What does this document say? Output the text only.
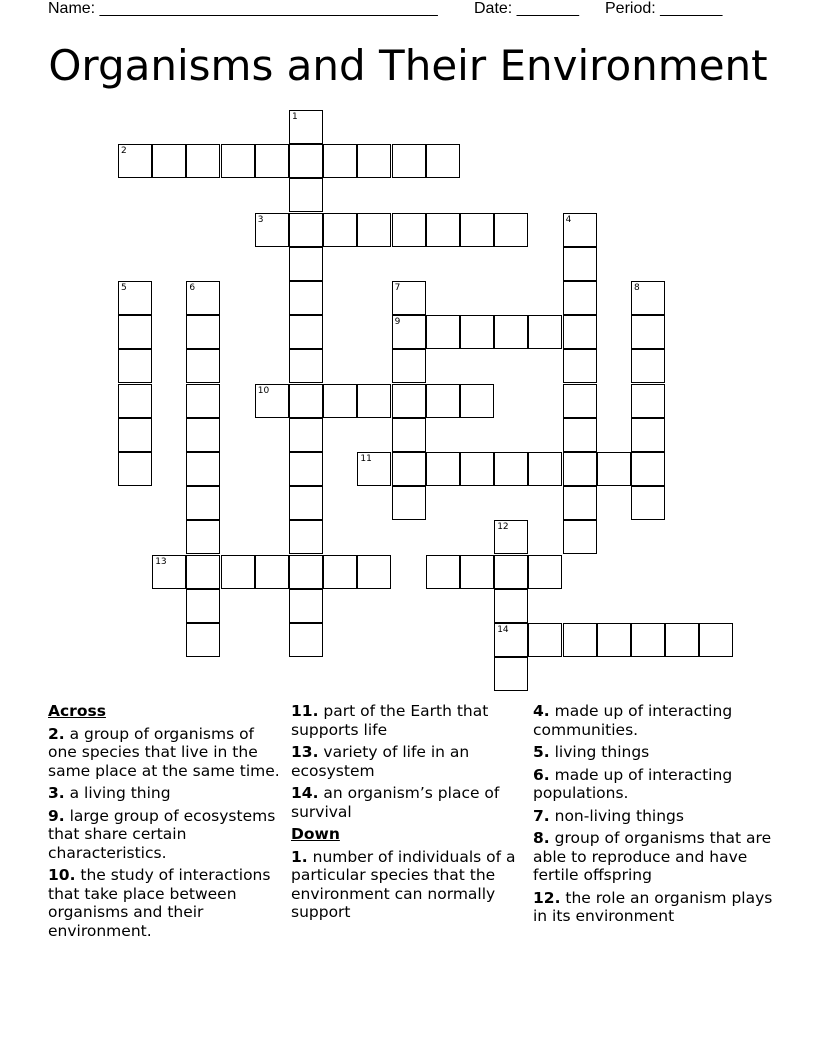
Name: ______________________________________ Date: _______ Period: _______
Organisms and Their Environment
1
2
3	4
5	6	7
9
8
10
11
13
12
14
Across
2. a group of organisms of one species that live in the same place at the same time.
3. a living thing
9. large group of ecosystems that share certain characteristics.
10. the study of interactions that take place between organisms and their environment.
11. part of the Earth that supports life
13. variety of life in an ecosystem
14. an organism’s place of survival
Down
1. number of individuals of a particular species that the environment can normally support
4. made up of interacting communities.
5. living things
6. made up of interacting populations.
7. non-living things
8. group of organisms that are able to reproduce and have fertile offspring
12. the role an organism plays in its environment
